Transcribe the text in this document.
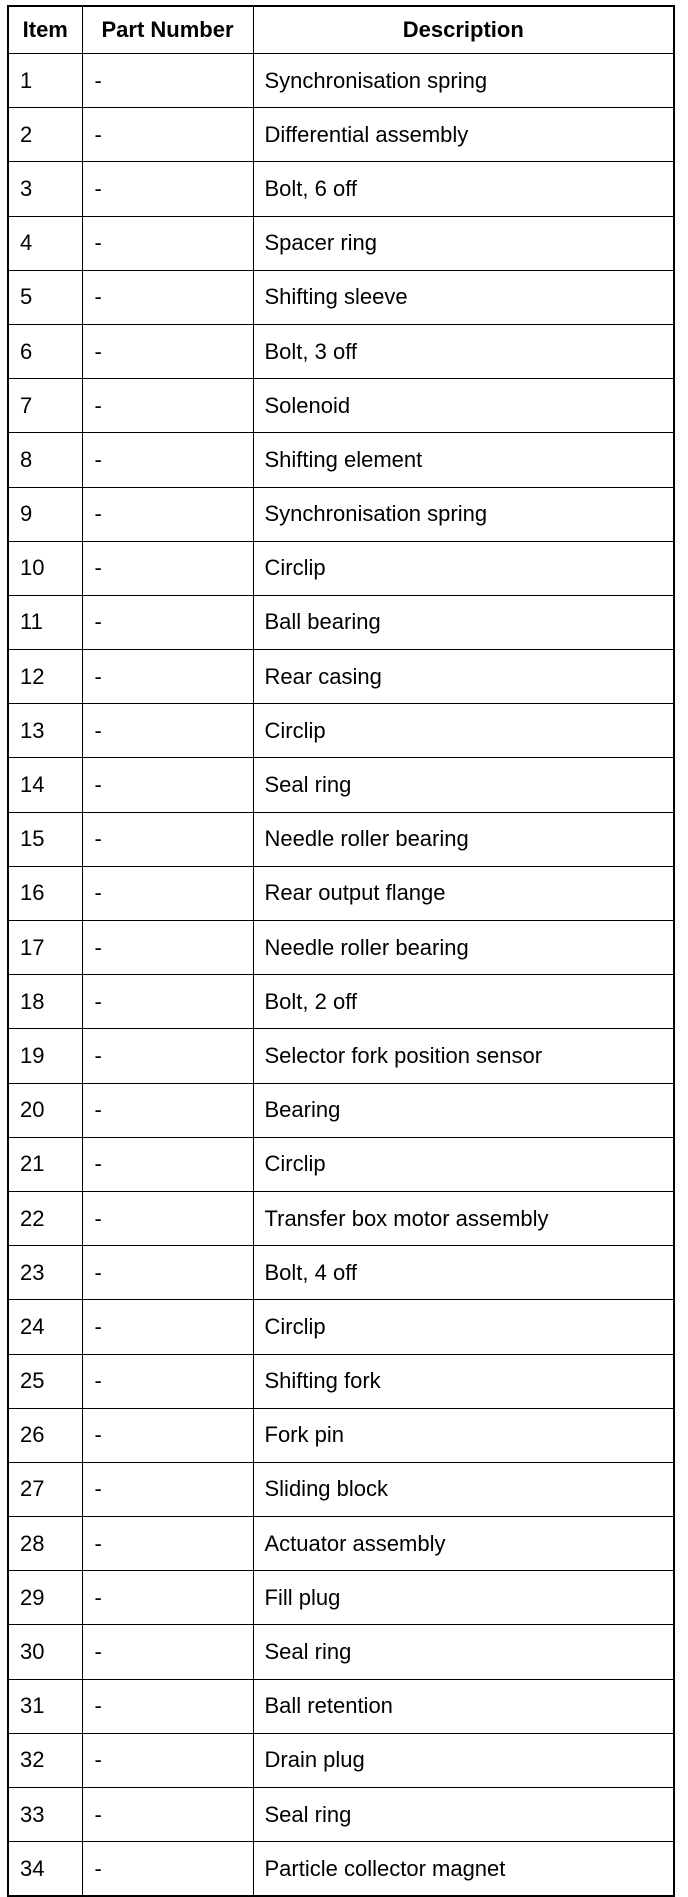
Item	Part Number	Description
1	-	Synchronisation spring
2	-	Differential assembly
3	-	Bolt, 6 off
4	-	Spacer ring
5	-	Shifting sleeve
6	-	Bolt, 3 off
7	-	Solenoid
8	-	Shifting element
9	-	Synchronisation spring
10	-	Circlip
11	-	Ball bearing
12	-	Rear casing
13	-	Circlip
14	-	Seal ring
15	-	Needle roller bearing
16	-	Rear output flange
17	-	Needle roller bearing
18	-	Bolt, 2 off
19	-	Selector fork position sensor
20	-	Bearing
21	-	Circlip
22	-	Transfer box motor assembly
23	-	Bolt, 4 off
24	-	Circlip
25	-	Shifting fork
26	-	Fork pin
27	-	Sliding block
28	-	Actuator assembly
29	-	Fill plug
30	-	Seal ring
31	-	Ball retention
32	-	Drain plug
33	-	Seal ring
34	-	Particle collector magnet
